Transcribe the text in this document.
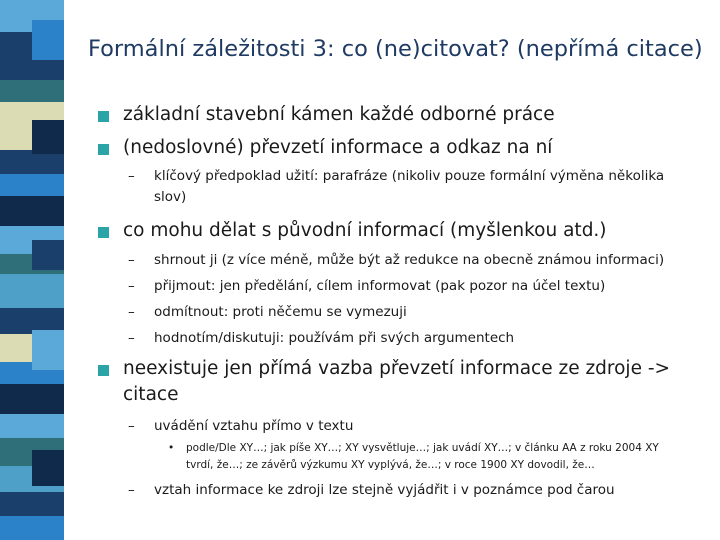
Formální záležitosti 3: co (ne)citovat? (nepřímá citace)
základní stavební kámen každé odborné práce
(nedoslovné) převzetí informace a odkaz na ní
– klíčový předpoklad užití: parafráze (nikoliv pouze formální výměna několika
slov)
co mohu dělat s původní informací (myšlenkou atd.)
– shrnout ji (z více méně, může být až redukce na obecně známou informaci)
– přijmout: jen předělání, cílem informovat (pak pozor na účel textu)
– odmítnout: proti něčemu se vymezuji
– hodnotím/diskutuji: používám při svých argumentech
neexistuje jen přímá vazba převzetí informace ze zdroje ->
citace
– uvádění vztahu přímo v textu
• podle/Dle XY…; jak píše XY…; XY vysvětluje…; jak uvádí XY…; v článku AA z roku 2004 XY
tvrdí, že…; ze závěrů výzkumu XY vyplývá, že…; v roce 1900 XY dovodil, že…
– vztah informace ke zdroji lze stejně vyjádřit i v poznámce pod čarou
